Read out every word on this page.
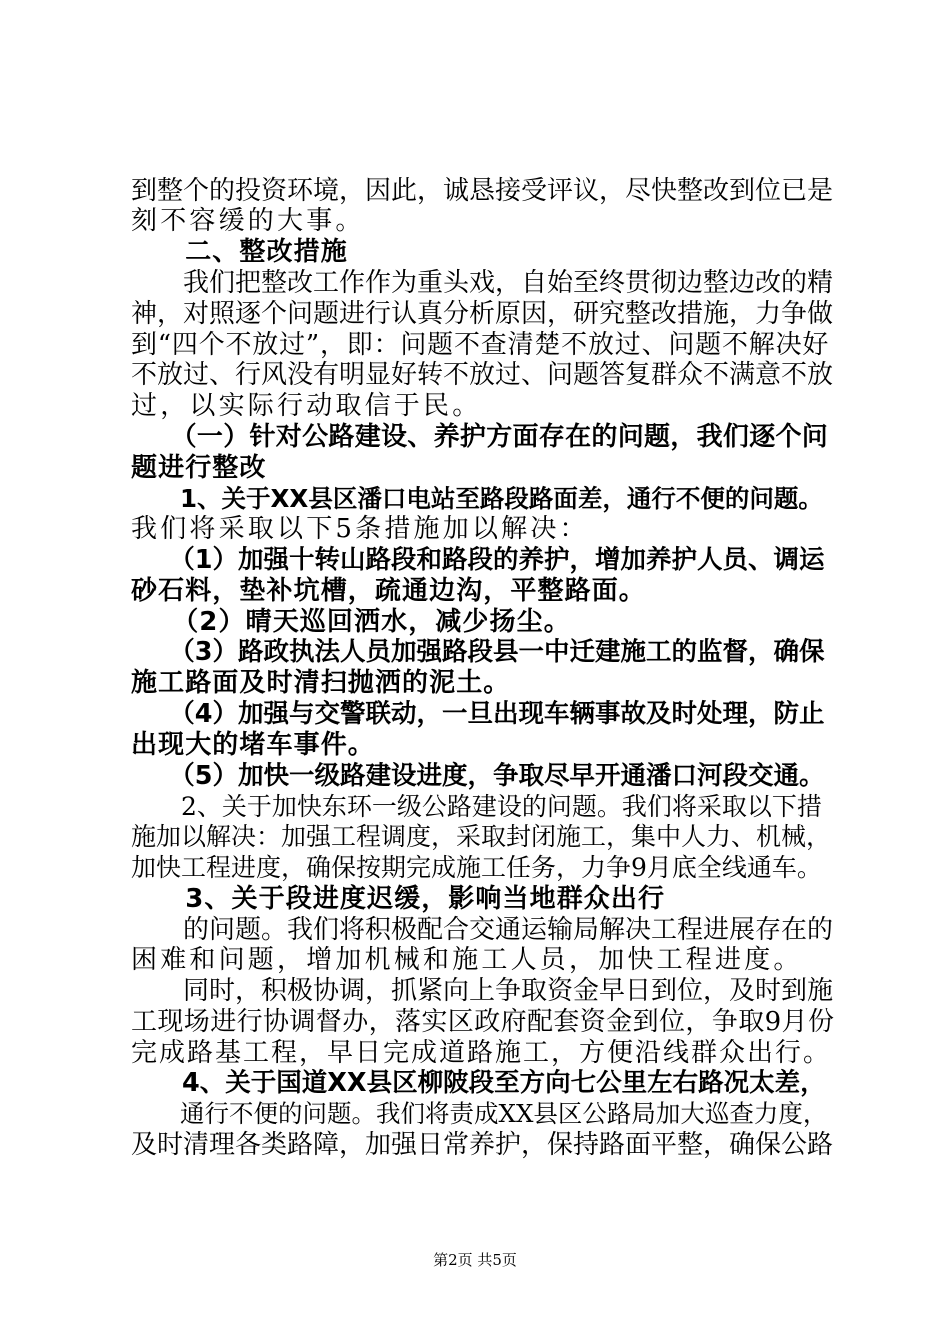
到整个的投资环境，因此，诚恳接受评议，尽快整改到位已是
刻不容缓的大事。
　　二、整改措施
　　我们把整改工作作为重头戏，自始至终贯彻边整边改的精
神，对照逐个问题进行认真分析原因，研究整改措施，力争做
到“四个不放过”，即：问题不查清楚不放过、问题不解决好
不放过、行风没有明显好转不放过、问题答复群众不满意不放
过，以实际行动取信于民。
　　（一）针对公路建设、养护方面存在的问题，我们逐个问
题进行整改
　　1、关于XX县区潘口电站至路段路面差，通行不便的问题。
我们将采取以下5条措施加以解决：
　　（1）加强十转山路段和路段的养护，增加养护人员、调运
砂石料，垫补坑槽，疏通边沟，平整路面。
　　（2）晴天巡回洒水，减少扬尘。
　　（3）路政执法人员加强路段县一中迁建施工的监督，确保
施工路面及时清扫抛洒的泥土。
　　（4）加强与交警联动，一旦出现车辆事故及时处理，防止
出现大的堵车事件。
　　（5）加快一级路建设进度，争取尽早开通潘口河段交通。
　　2、关于加快东环一级公路建设的问题。我们将采取以下措
施加以解决：加强工程调度，采取封闭施工，集中人力、机械，
加快工程进度，确保按期完成施工任务，力争9月底全线通车。
　　3、关于段进度迟缓，影响当地群众出行
　　的问题。我们将积极配合交通运输局解决工程进展存在的
困难和问题，增加机械和施工人员，加快工程进度。
　　同时，积极协调，抓紧向上争取资金早日到位，及时到施
工现场进行协调督办，落实区政府配套资金到位，争取9月份
完成路基工程，早日完成道路施工，方便沿线群众出行。
　　4、关于国道XX县区柳陂段至方向七公里左右路况太差，
　　通行不便的问题。我们将责成XX县区公路局加大巡查力度，
及时清理各类路障，加强日常养护，保持路面平整，确保公路
第2页 共5页
